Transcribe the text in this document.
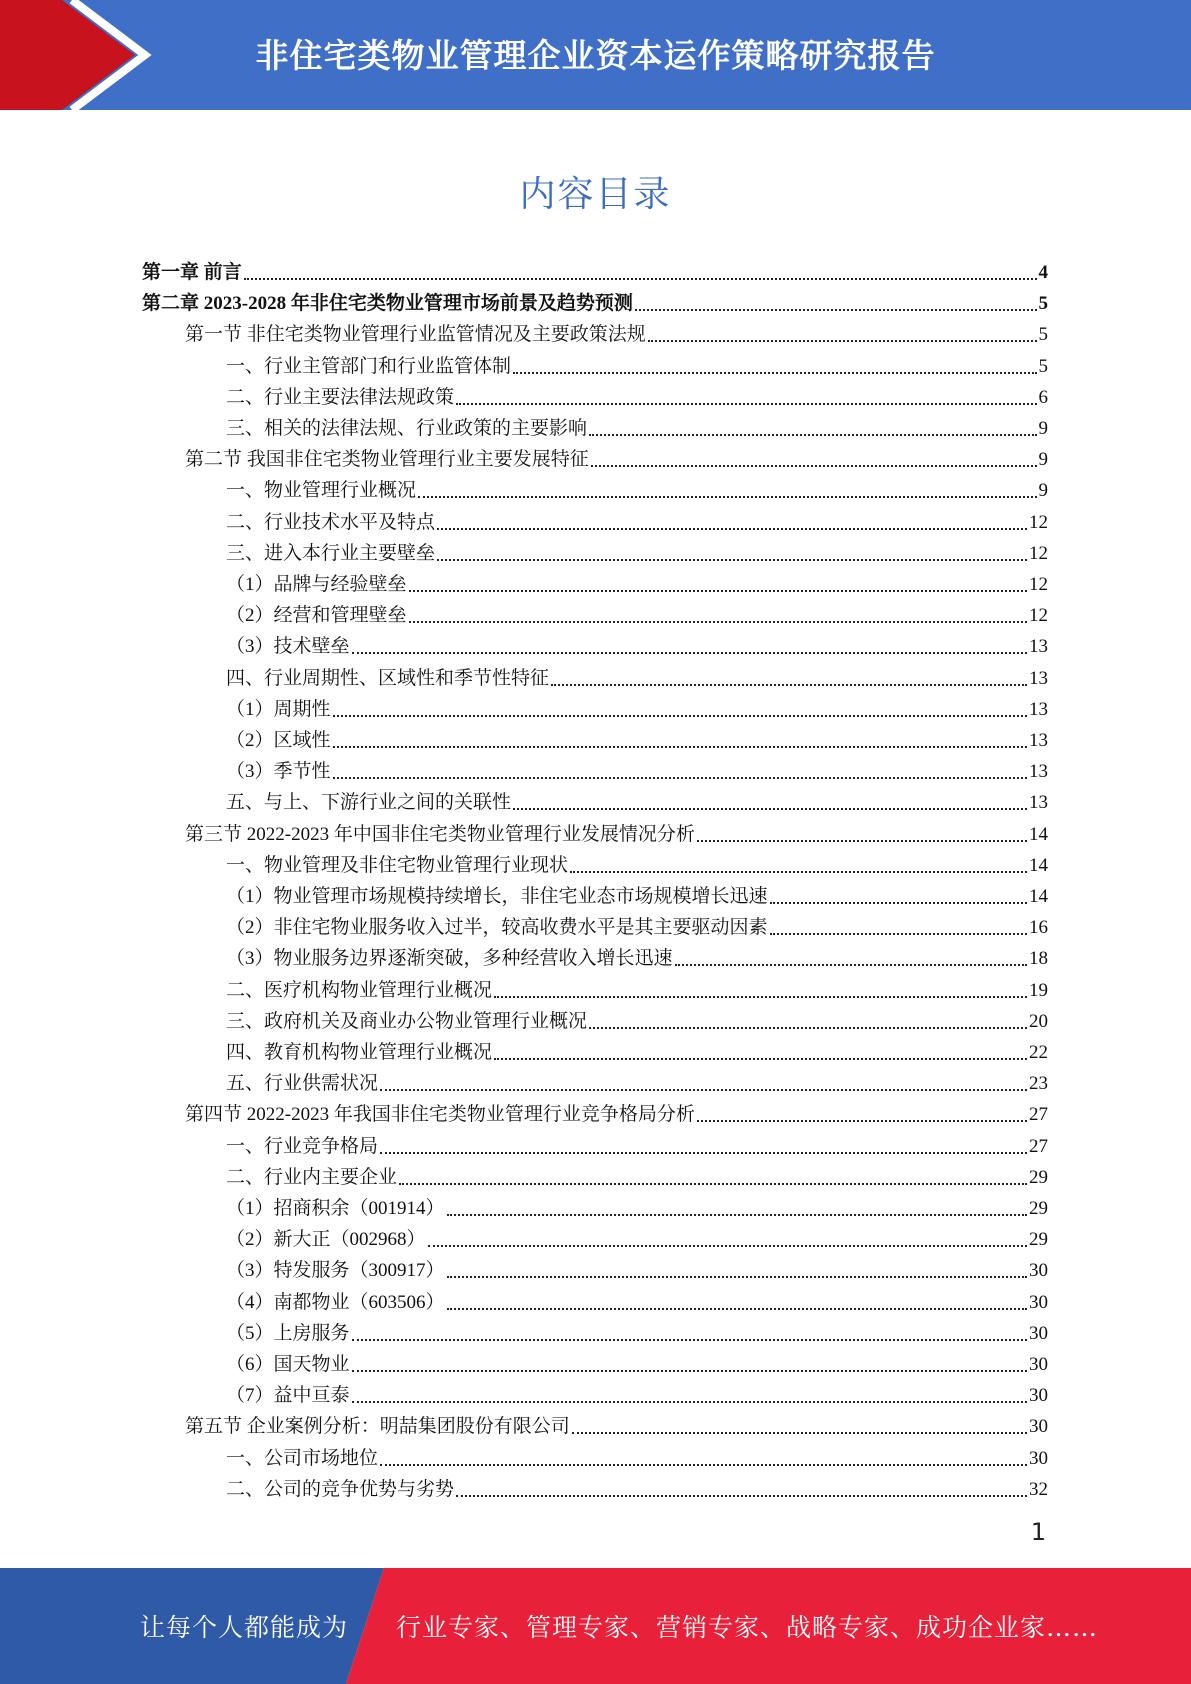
非住宅类物业管理企业资本运作策略研究报告
内容目录
第一章 前言	4
第二章 2023-2028 年非住宅类物业管理市场前景及趋势预测	5
第一节 非住宅类物业管理行业监管情况及主要政策法规	5
一、行业主管部门和行业监管体制	5
二、行业主要法律法规政策	6
三、相关的法律法规、行业政策的主要影响	9
第二节 我国非住宅类物业管理行业主要发展特征	9
一、物业管理行业概况	9
二、行业技术水平及特点	12
三、进入本行业主要壁垒	12
（1）品牌与经验壁垒	12
（2）经营和管理壁垒	12
（3）技术壁垒	13
四、行业周期性、区域性和季节性特征	13
（1）周期性	13
（2）区域性	13
（3）季节性	13
五、与上、下游行业之间的关联性	13
第三节 2022-2023 年中国非住宅类物业管理行业发展情况分析	14
一、物业管理及非住宅物业管理行业现状	14
（1）物业管理市场规模持续增长，非住宅业态市场规模增长迅速	14
（2）非住宅物业服务收入过半，较高收费水平是其主要驱动因素	16
（3）物业服务边界逐渐突破，多种经营收入增长迅速	18
二、医疗机构物业管理行业概况	19
三、政府机关及商业办公物业管理行业概况	20
四、教育机构物业管理行业概况	22
五、行业供需状况	23
第四节 2022-2023 年我国非住宅类物业管理行业竞争格局分析	27
一、行业竞争格局	27
二、行业内主要企业	29
（1）招商积余（001914）	29
（2）新大正（002968）	29
（3）特发服务（300917）	30
（4）南都物业（603506）	30
（5）上房服务	30
（6）国天物业	30
（7）益中亘泰	30
第五节 企业案例分析：明喆集团股份有限公司	30
一、公司市场地位	30
二、公司的竞争优势与劣势	32
1
让每个人都能成为 行业专家、管理专家、营销专家、战略专家、成功企业家……
